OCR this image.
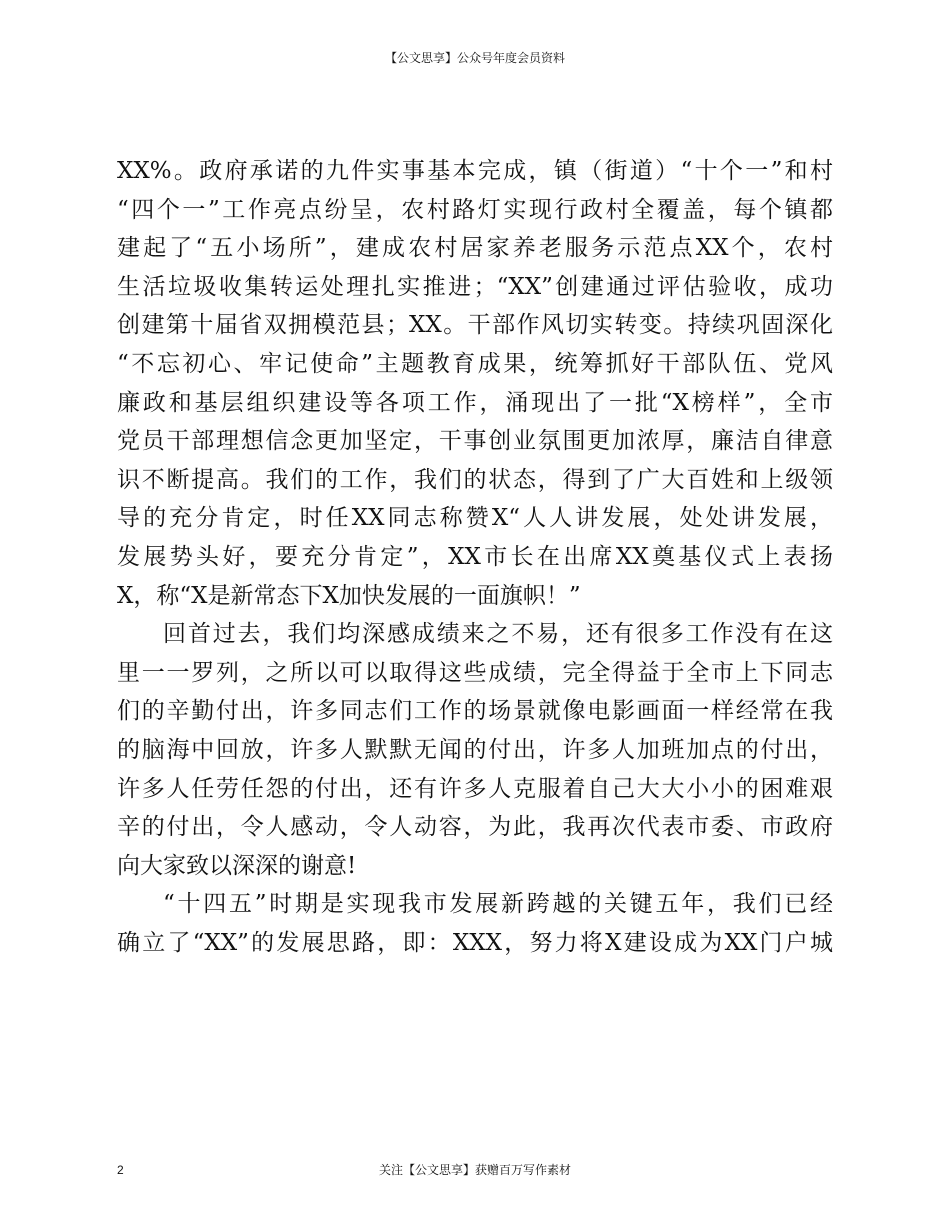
【公文思享】公众号年度会员资料
XX%。政府承诺的九件实事基本完成，镇（街道）“十个一”和村
“四个一”工作亮点纷呈，农村路灯实现行政村全覆盖，每个镇都
建起了“五小场所”，建成农村居家养老服务示范点XX个，农村
生活垃圾收集转运处理扎实推进；“XX”创建通过评估验收，成功
创建第十届省双拥模范县；XX。干部作风切实转变。持续巩固深化
“不忘初心、牢记使命”主题教育成果，统筹抓好干部队伍、党风
廉政和基层组织建设等各项工作，涌现出了一批“X榜样”，全市
党员干部理想信念更加坚定，干事创业氛围更加浓厚，廉洁自律意
识不断提高。我们的工作，我们的状态，得到了广大百姓和上级领
导的充分肯定，时任XX同志称赞X“人人讲发展，处处讲发展，
发展势头好，要充分肯定”，XX市长在出席XX奠基仪式上表扬
X，称“X是新常态下X加快发展的一面旗帜！”
回首过去，我们均深感成绩来之不易，还有很多工作没有在这
里一一罗列，之所以可以取得这些成绩，完全得益于全市上下同志
们的辛勤付出，许多同志们工作的场景就像电影画面一样经常在我
的脑海中回放，许多人默默无闻的付出，许多人加班加点的付出，
许多人任劳任怨的付出，还有许多人克服着自己大大小小的困难艰
辛的付出，令人感动，令人动容，为此，我再次代表市委、市政府
向大家致以深深的谢意!
“十四五”时期是实现我市发展新跨越的关键五年，我们已经
确立了“XX”的发展思路，即：XXX，努力将X建设成为XX门户城
2	关注【公文思享】获赠百万写作素材
